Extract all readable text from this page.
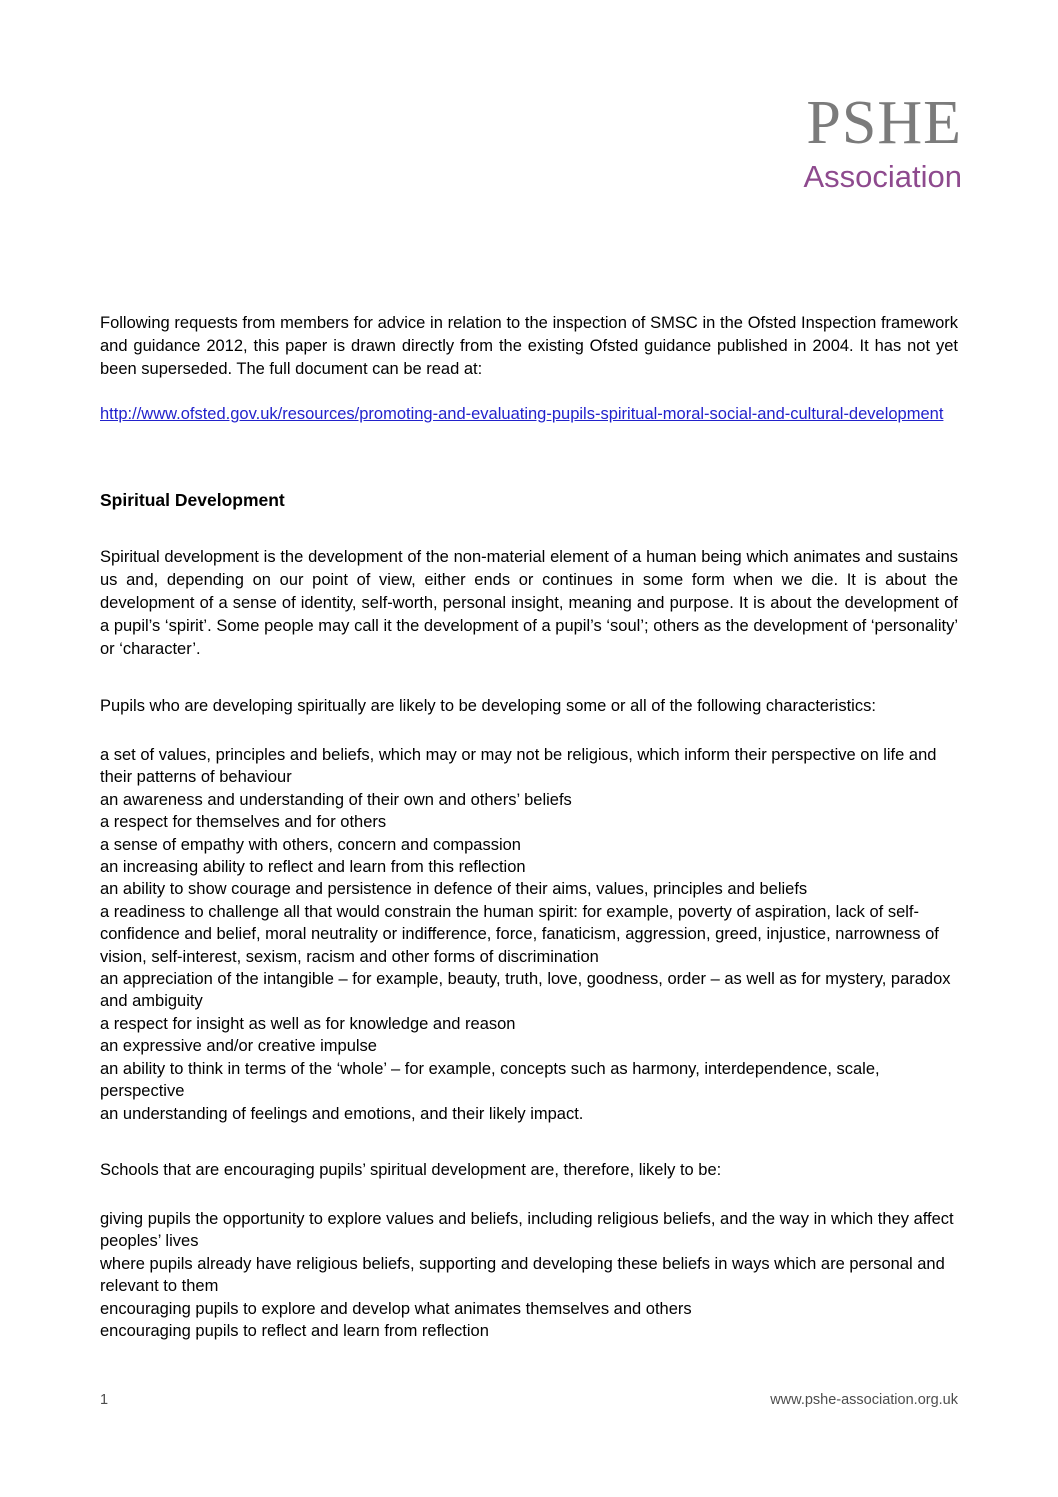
PSHE
Association

Following requests from members for advice in relation to the inspection of SMSC in the Ofsted Inspection framework and guidance 2012, this paper is drawn directly from the existing Ofsted guidance published in 2004. It has not yet been superseded. The full document can be read at:

http://www.ofsted.gov.uk/resources/promoting-and-evaluating-pupils-spiritual-moral-social-and-cultural-development

Spiritual Development

Spiritual development is the development of the non-material element of a human being which animates and sustains us and, depending on our point of view, either ends or continues in some form when we die. It is about the development of a sense of identity, self-worth, personal insight, meaning and purpose. It is about the development of a pupil’s ‘spirit’. Some people may call it the development of a pupil’s ‘soul’; others as the development of ‘personality’ or ‘character’.

Pupils who are developing spiritually are likely to be developing some or all of the following characteristics:

a set of values, principles and beliefs, which may or may not be religious, which inform their perspective on life and their patterns of behaviour
an awareness and understanding of their own and others’ beliefs
a respect for themselves and for others
a sense of empathy with others, concern and compassion
an increasing ability to reflect and learn from this reflection
an ability to show courage and persistence in defence of their aims, values, principles and beliefs
a readiness to challenge all that would constrain the human spirit: for example, poverty of aspiration, lack of self-confidence and belief, moral neutrality or indifference, force, fanaticism, aggression, greed, injustice, narrowness of vision, self-interest, sexism, racism and other forms of discrimination
an appreciation of the intangible – for example, beauty, truth, love, goodness, order – as well as for mystery, paradox and ambiguity
a respect for insight as well as for knowledge and reason
an expressive and/or creative impulse
an ability to think in terms of the ‘whole’ – for example, concepts such as harmony, interdependence, scale, perspective
an understanding of feelings and emotions, and their likely impact.

Schools that are encouraging pupils’ spiritual development are, therefore, likely to be:

giving pupils the opportunity to explore values and beliefs, including religious beliefs, and the way in which they affect peoples’ lives
where pupils already have religious beliefs, supporting and developing these beliefs in ways which are personal and relevant to them
encouraging pupils to explore and develop what animates themselves and others
encouraging pupils to reflect and learn from reflection
1	www.pshe-association.org.uk
